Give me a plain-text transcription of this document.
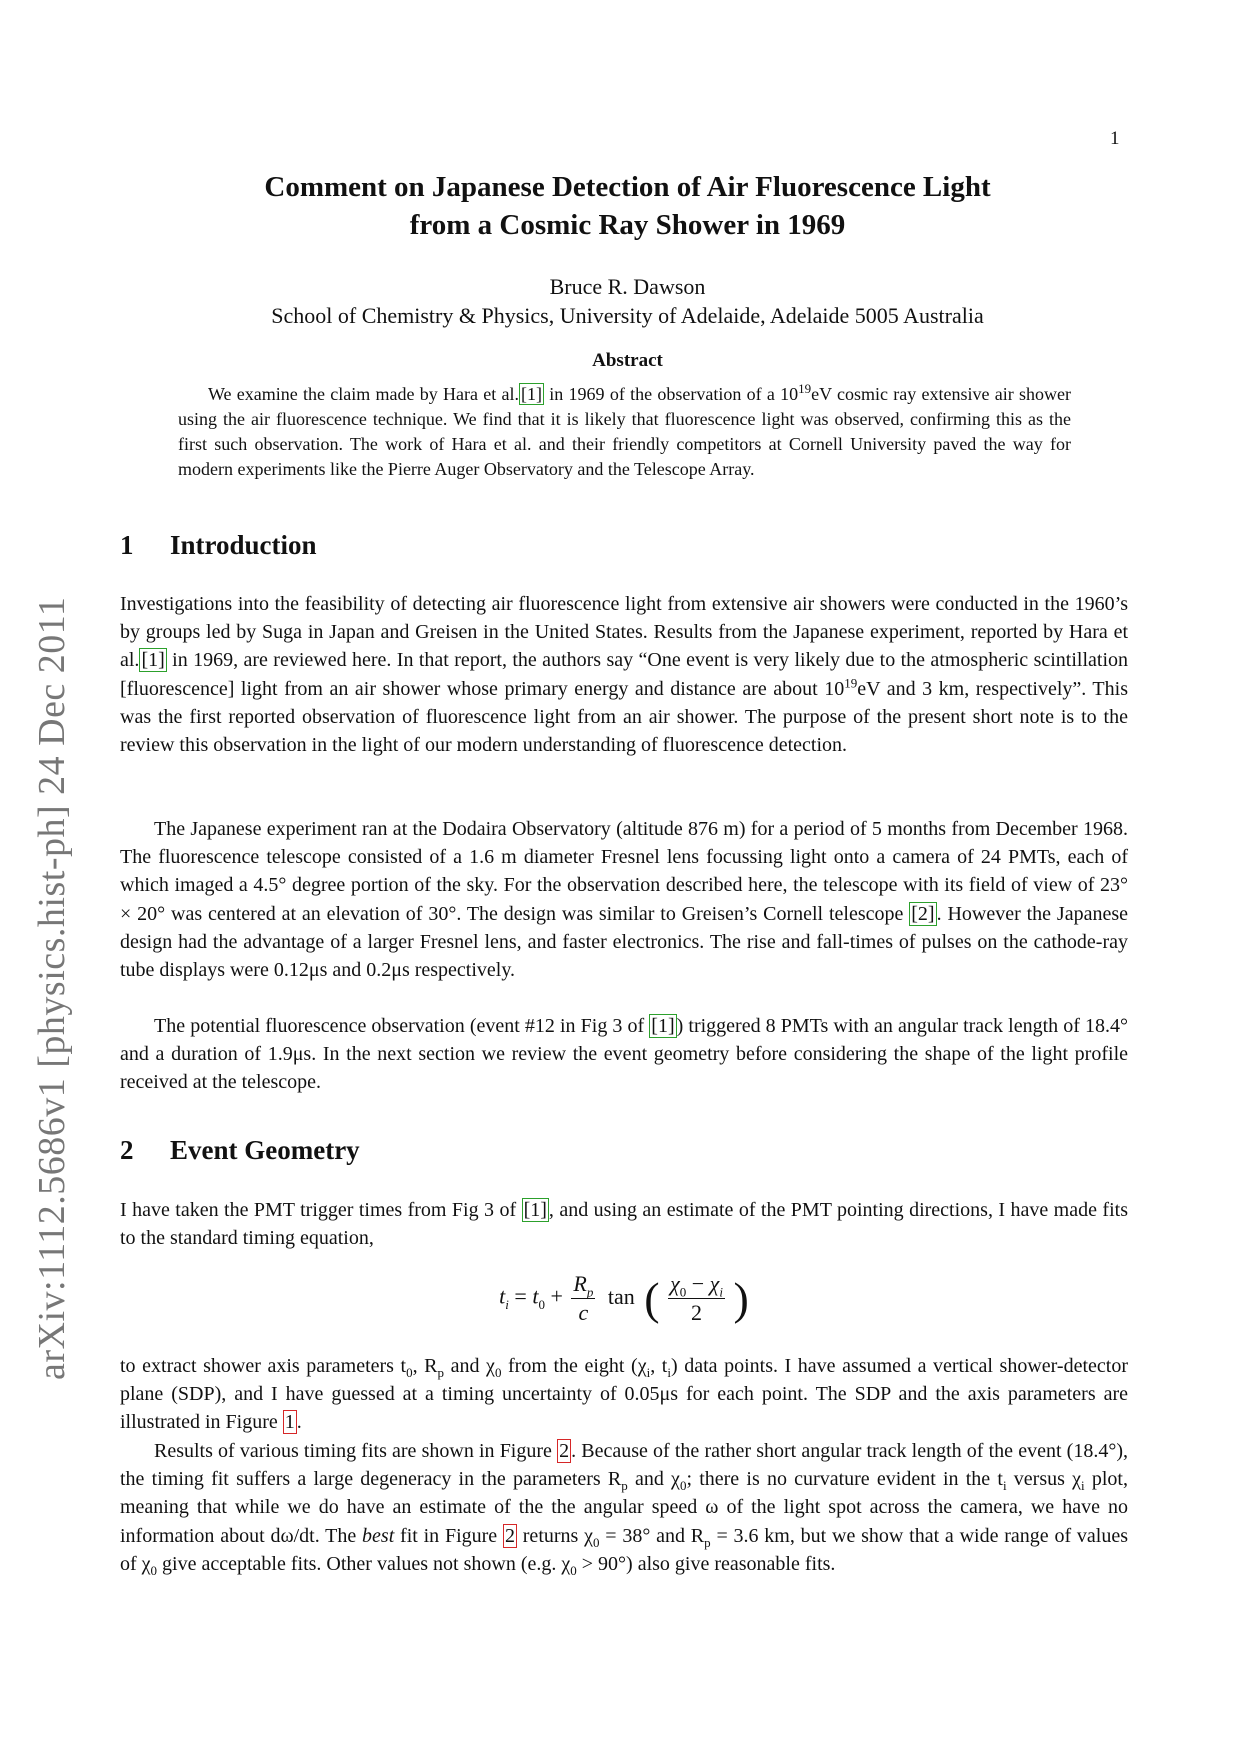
1
arXiv:1112.5686v1 [physics.hist-ph] 24 Dec 2011
Comment on Japanese Detection of Air Fluorescence Light
from a Cosmic Ray Shower in 1969
Bruce R. Dawson
School of Chemistry & Physics, University of Adelaide, Adelaide 5005 Australia
Abstract

We examine the claim made by Hara et al. [1] in 1969 of the observation of a $10^{19}eV$ cosmic ray extensive air shower using the air fluorescence technique. We find that it is likely that fluorescence light was observed, confirming this as the first such observation. The work of Hara et al. and their friendly competitors at Cornell University paved the way for modern experiments like the Pierre Auger Observatory and the Telescope Array.

1 Introduction

Investigations into the feasibility of detecting air fluorescence light from extensive air showers were conducted in the 1960’s by groups led by Suga in Japan and Greisen in the United States. Results from the Japanese experiment, reported by Hara et al. [1] in 1969, are reviewed here. In that report, the authors say “One event is very likely due to the atmospheric scintillation [fluorescence] light from an air shower whose primary energy and distance are about $10^{19}eV$ and 3 km, respectively”. This was the first reported observation of fluorescence light from an air shower. The purpose of the present short note is to the review this observation in the light of our modern understanding of fluorescence detection.

The Japanese experiment ran at the Dodaira Observatory (altitude 876 m) for a period of 5 months from December 1968. The fluorescence telescope consisted of a 1.6 m diameter Fresnel lens focussing light onto a camera of 24 PMTs, each of which imaged a 4.5° degree portion of the sky. For the observation described here, the telescope with its field of view of 23° × 20° was centered at an elevation of 30°. The design was similar to Greisen’s Cornell telescope [2] . However the Japanese design had the advantage of a larger Fresnel lens, and faster electronics. The rise and fall-times of pulses on the cathode-ray tube displays were 0.12μs and 0.2μs respectively.

The potential fluorescence observation (event #12 in Fig 3 of [1] ) triggered 8 PMTs with an angular track length of 18.4° and a duration of 1.9μs. In the next section we review the event geometry before considering the shape of the light profile received at the telescope.

2 Event Geometry

I have taken the PMT trigger times from Fig 3 of [1] , and using an estimate of the PMT pointing directions, I have made fits to the standard timing equation,

$t_i = t_0 + \frac{R_p}{c}$ tan ( $\frac{\chi_0 - \chi_i}{2}$ )

to extract shower axis parameters $t_0$, $R_p$ and $\chi_0$ from the eight ($\chi_i$, $t_i$) data points. I have assumed a vertical shower-detector plane (SDP), and I have guessed at a timing uncertainty of 0.05μs for each point. The SDP and the axis parameters are illustrated in Figure 1 .

Results of various timing fits are shown in Figure 2 . Because of the rather short angular track length of the event (18.4°), the timing fit suffers a large degeneracy in the parameters $R_p$ and $\chi_0$; there is no curvature evident in the $t_i$ versus $\chi_i$ plot, meaning that while we do have an estimate of the the angular speed ω of the light spot across the camera, we have no information about dω/dt. The best fit in Figure 2 returns $\chi_0 = 38^\circ$ and $R_p = 3.6$ km, but we show that a wide range of values of $\chi_0$ give acceptable fits. Other values not shown (e.g. $\chi_0 > 90^\circ$) also give reasonable fits.
